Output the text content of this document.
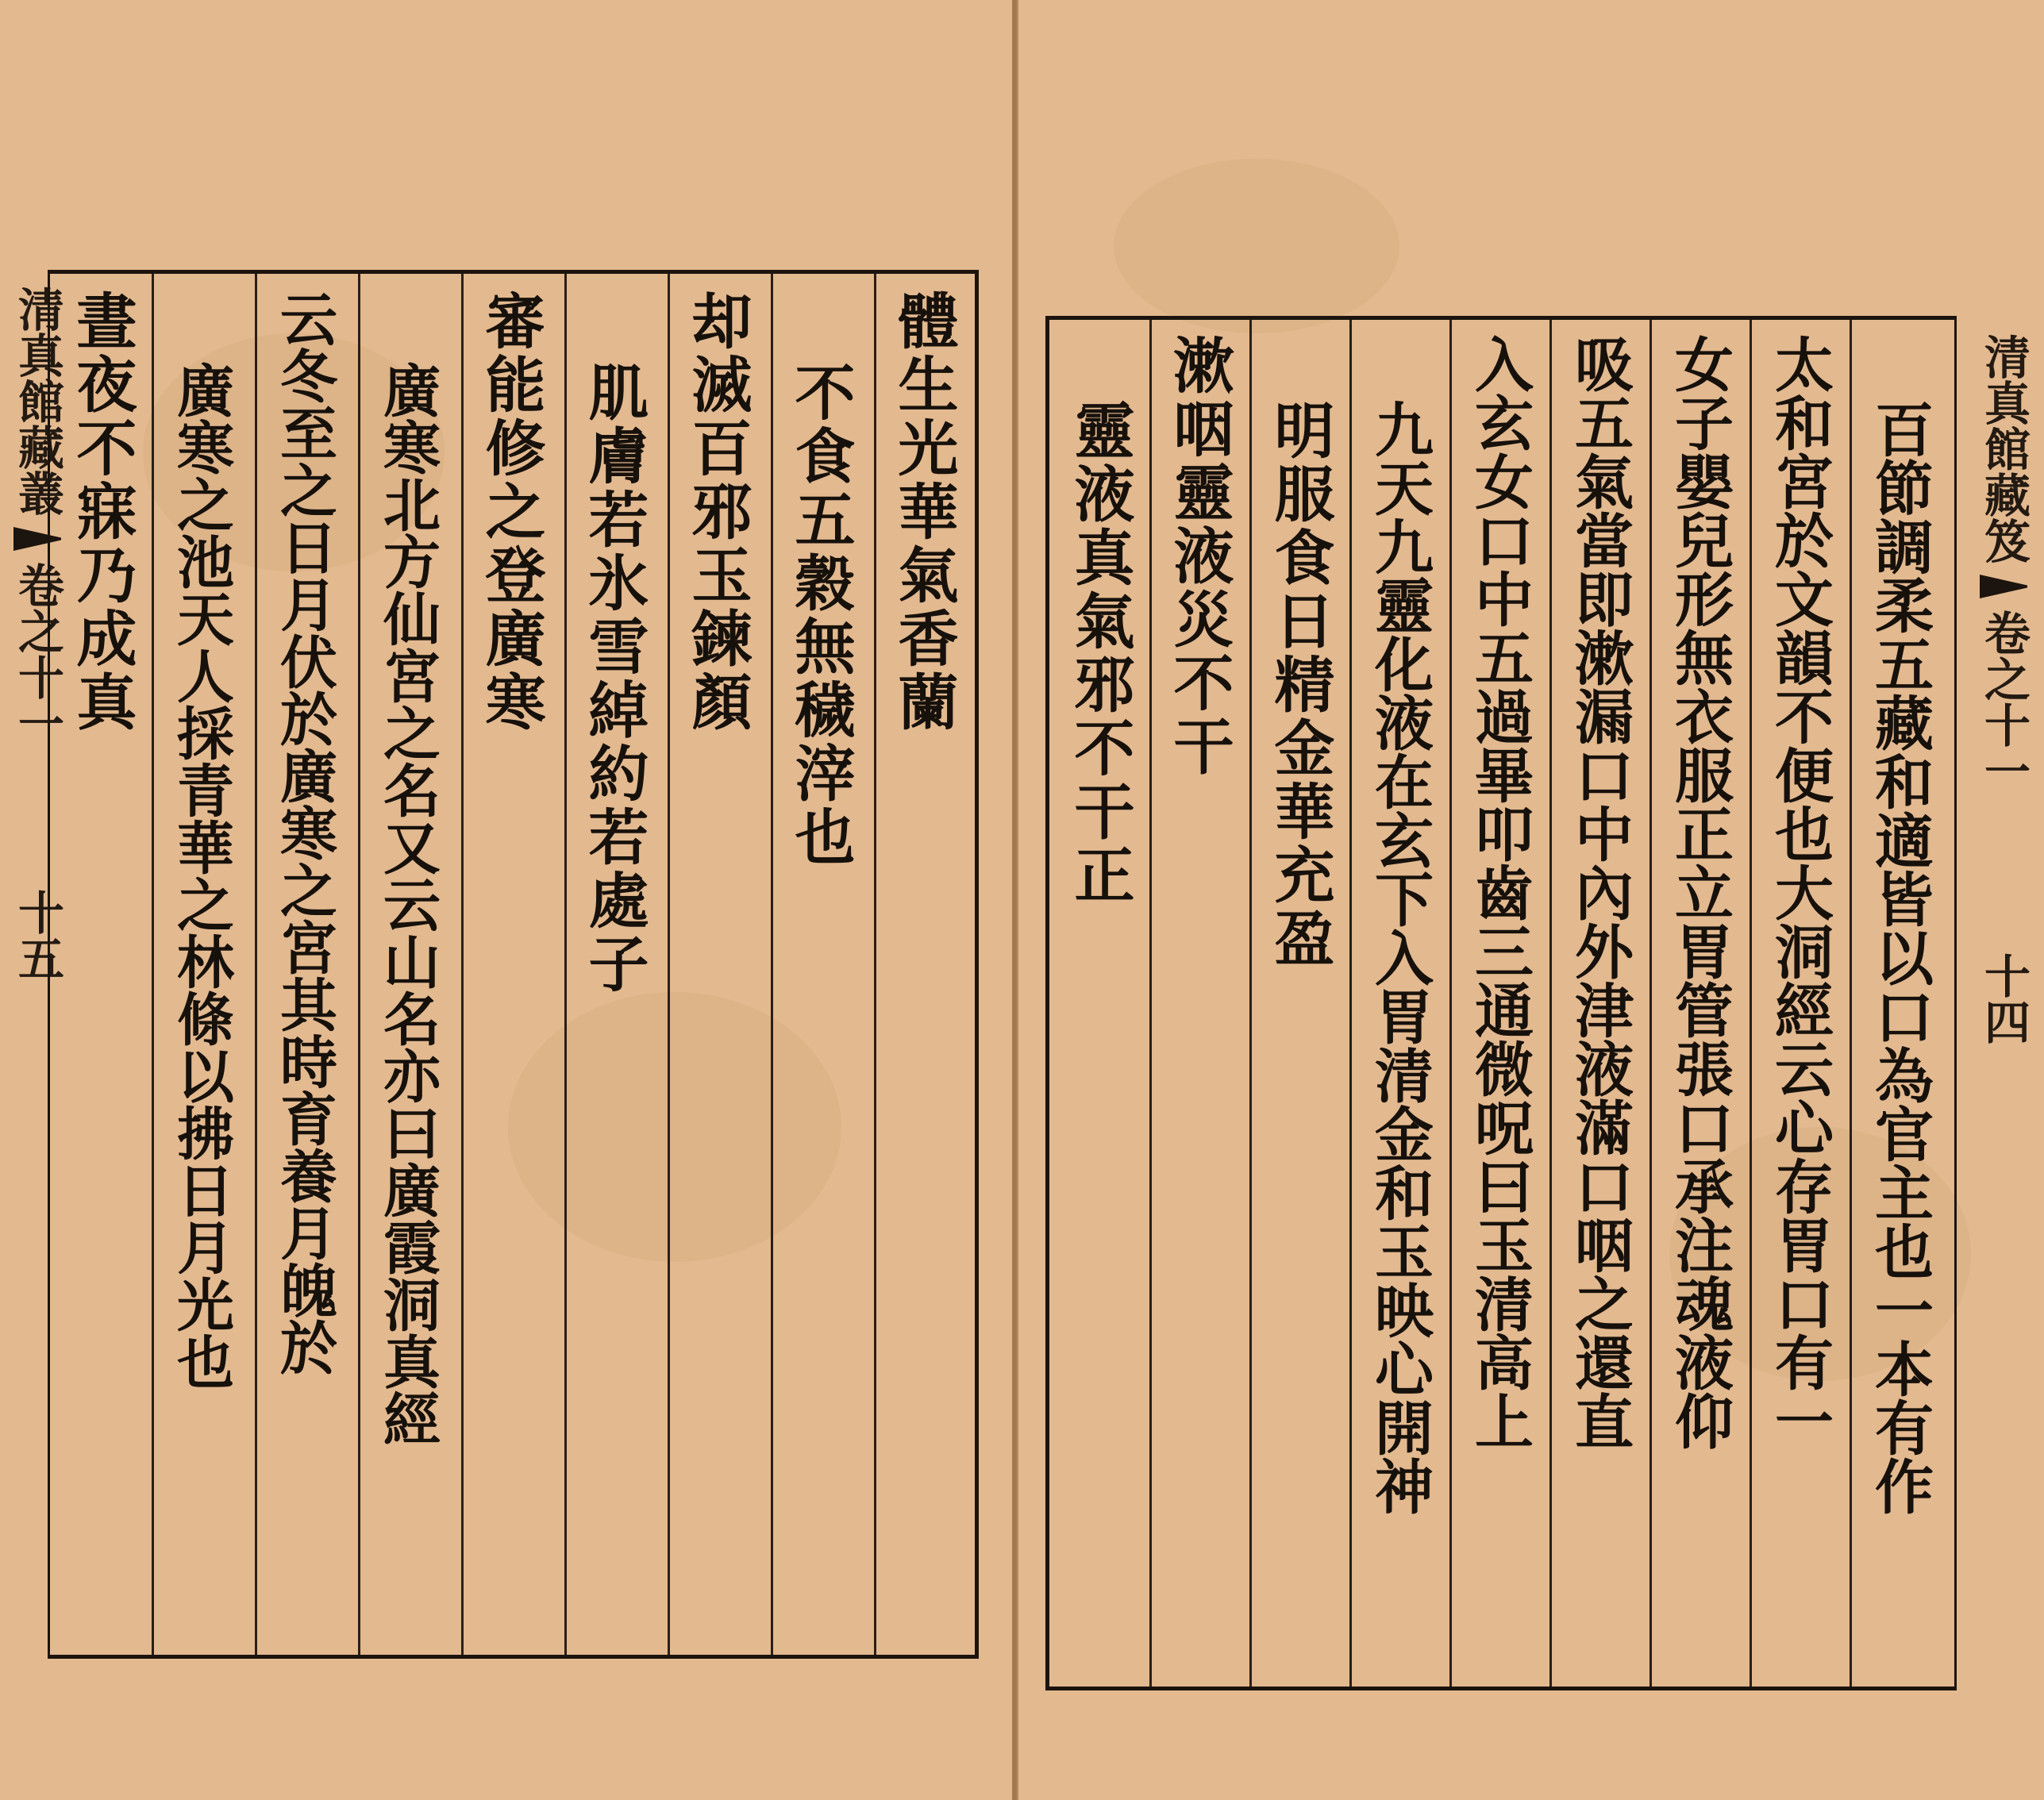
清真館藏叢
卷之十一
十五
體生光華氣香蘭
不食五穀無穢滓也
却滅百邪玉鍊顏
肌膚若氷雪綽約若處子
審能修之登廣寒
廣寒北方仙宮之名又云山名亦曰廣霞洞真經
云冬至之日月伏於廣寒之宮其時育養月魄於
廣寒之池天人採青華之林條以拂日月光也
晝夜不寐乃成真	漱咽靈液災不干
靈液真氣邪不干正 明服食日精金華充盈 九天九靈化液在玄下入胃清金和玉映心開神 入玄女口中五過畢叩齒三通微呪曰玉清高上 吸五氣當即漱漏口中內外津液滿口咽之還直 女子嬰兒形無衣服正立胃管張口承注魂液仰 太和宮於文韻不便也大洞經云心存胃口有一 百節調柔五藏和適皆以口為官主也一本有作 清真館藏笈
卷之十一
十四
